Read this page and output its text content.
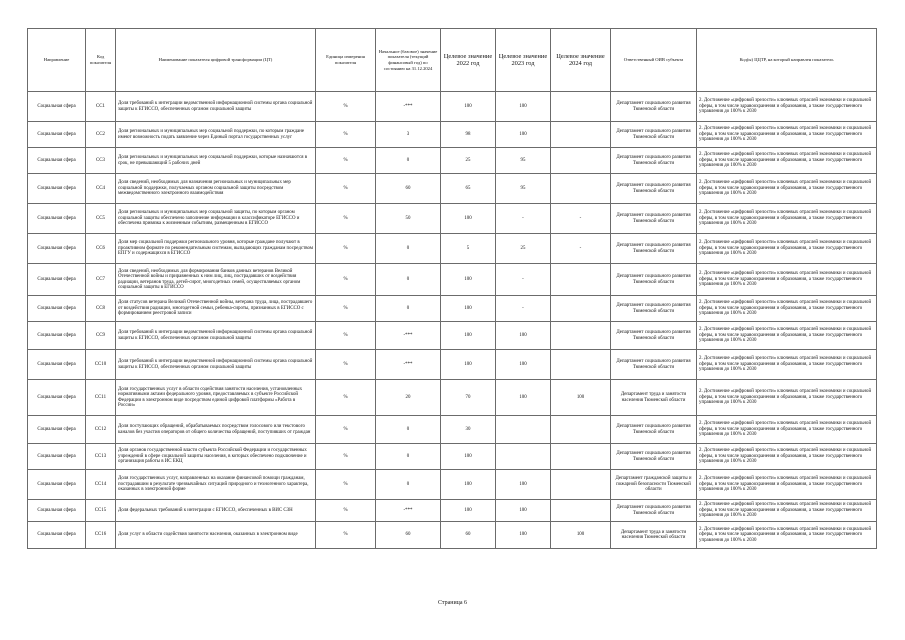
Направление	Код показателя	Наименование показателя цифровой трансформации (ЦТ)	Единица измерения показателя	Начальное (базовое) значение показателя (текущий финансовый год) по состоянию на 31.12.2024	Целевое значение 2022 год	Целевое значение 2023 год	Целевое значение 2024 год	Ответственный ОИВ субъекта	Код(ы) ЦЦТР, на который направлен показатель
Социальная сфера	СС1	Доля требований к интеграции ведомственной информационной системы органа социальной защиты к ЕГИССО, обеспеченных органом социальной защиты	%	-***	100	100		Департамент социального развития Тюменской области	2. Достижение «цифровой зрелости» ключевых отраслей экономики и социальной сферы, в том числе здравоохранения и образования, а также государственного управления до 100% к 2030
Социальная сфера	СС2	Доля региональных и муниципальных мер социальной поддержки, по которым граждане имеют возможность подать заявление через Единый портал государственных услуг	%	3	98	100		Департамент социального развития Тюменской области	2. Достижение «цифровой зрелости» ключевых отраслей экономики и социальной сферы, в том числе здравоохранения и образования, а также государственного управления до 100% к 2030
Социальная сфера	СС3	Доля региональных и муниципальных мер социальной поддержки, которые назначаются в срок, не превышающий 5 рабочих дней	%	0	25	95		Департамент социального развития Тюменской области	2. Достижение «цифровой зрелости» ключевых отраслей экономики и социальной сферы, в том числе здравоохранения и образования, а также государственного управления до 100% к 2030
Социальная сфера	СС4	Доля сведений, необходимых для назначения региональных и муниципальных мер социальной поддержки, получаемых органом социальной защиты посредством межведомственного электронного взаимодействия	%	60	65	95		Департамент социального развития Тюменской области	2. Достижение «цифровой зрелости» ключевых отраслей экономики и социальной сферы, в том числе здравоохранения и образования, а также государственного управления до 100% к 2030
Социальная сфера	СС5	Доля региональных и муниципальных мер социальной защиты, по которым органом социальной защиты обеспечено заполнение информации в классификаторе ЕГИССО и обеспечена привязка к жизненным событиям, размещенным в ЕГИССО	%	50	100	-	-	Департамент социального развития Тюменской области	2. Достижение «цифровой зрелости» ключевых отраслей экономики и социальной сферы, в том числе здравоохранения и образования, а также государственного управления до 100% к 2030
Социальная сфера	СС6	Доля мер социальной поддержки регионального уровня, которые граждане получают в проактивном формате по рекомендательным системам, выпадающих гражданам посредством ЕПГУ и содержащихся в ЕГИССО	%	0	5	25	-	Департамент социального развития Тюменской области	2. Достижение «цифровой зрелости» ключевых отраслей экономики и социальной сферы, в том числе здравоохранения и образования, а также государственного управления до 100% к 2030
Социальная сфера	СС7	Доля сведений, необходимых для формирования банков данных ветеранов Великой Отечественной войны и приравненных к ним лиц, лиц, пострадавших от воздействия радиации, ветеранов труда, детей-сирот, многодетных семей, осуществляемых органом социальной защиты в ЕГИССО	%	0	100	-		Департамент социального развития Тюменской области	2. Достижение «цифровой зрелости» ключевых отраслей экономики и социальной сферы, в том числе здравоохранения и образования, а также государственного управления до 100% к 2030
Социальная сфера	СС8	Доля статусов ветерана Великой Отечественной войны, ветерана труда, лица, пострадавшего от воздействия радиации, многодетной семьи, ребенка-сироты, признанных в ЕГИССО с формированием реестровой записи	%	0	100	-		Департамент социального развития Тюменской области	2. Достижение «цифровой зрелости» ключевых отраслей экономики и социальной сферы, в том числе здравоохранения и образования, а также государственного управления до 100% к 2030
Социальная сфера	СС9	Доля требований к интеграции ведомственной информационной системы органа социальной защиты к ЕГИССО, обеспеченных органом социальной защиты	%	-***	100	100		Департамент социального развития Тюменской области	2. Достижение «цифровой зрелости» ключевых отраслей экономики и социальной сферы, в том числе здравоохранения и образования, а также государственного управления до 100% к 2030
Социальная сфера	СС10	Доля требований к интеграции ведомственной информационной системы органа социальной защиты к ЕГИССО, обеспеченных органом социальной защиты	%	-***	100	100		Департамент социального развития Тюменской области	2. Достижение «цифровой зрелости» ключевых отраслей экономики и социальной сферы, в том числе здравоохранения и образования, а также государственного управления до 100% к 2030
Социальная сфера	СС11	Доля государственных услуг в области содействия занятости населения, установленных нормативными актами федерального уровня, предоставляемых в субъекте Российской Федерации в электронном виде посредством единой цифровой платформы «Работа в России»	%	20	70	100	100	Департамент труда и занятости населения Тюменской области	2. Достижение «цифровой зрелости» ключевых отраслей экономики и социальной сферы, в том числе здравоохранения и образования, а также государственного управления до 100% к 2030
Социальная сфера	СС12	Доля поступающих обращений, обрабатываемых посредством голосового или текстового каналов без участия операторов от общего количества обращений, поступивших от граждан	%	0	30			Департамент социального развития Тюменской области	2. Достижение «цифровой зрелости» ключевых отраслей экономики и социальной сферы, в том числе здравоохранения и образования, а также государственного управления до 100% к 2030
Социальная сфера	СС13	Доля органов государственной власти субъекта Российской Федерации и государственных учреждений в сфере социальной защиты населения, в которых обеспечено подключение и организация работы в ИС ЕКЦ	%	0	100			Департамент социального развития Тюменской области	2. Достижение «цифровой зрелости» ключевых отраслей экономики и социальной сферы, в том числе здравоохранения и образования, а также государственного управления до 100% к 2030
Социальная сфера	СС14	Доля государственных услуг, направленных на оказание финансовой помощи гражданам, пострадавшим в результате чрезвычайных ситуаций природного и техногенного характера, оказанных в электронной форме	%	0	100	100		Департамент гражданской защиты и пожарной безопасности Тюменской области	2. Достижение «цифровой зрелости» ключевых отраслей экономики и социальной сферы, в том числе здравоохранения и образования, а также государственного управления до 100% к 2030
Социальная сфера	СС15	Доля федеральных требований к интеграции с ЕГИССО, обеспеченных в ВИС СЗН	%	-***	100	100		Департамент социального развития Тюменской области	2. Достижение «цифровой зрелости» ключевых отраслей экономики и социальной сферы, в том числе здравоохранения и образования, а также государственного управления до 100% к 2030
Социальная сфера	СС16	Доля услуг в области содействия занятости населения, оказанных в электронном виде	%	60	60	100	100	Департамент труда и занятости населения Тюменской области	2. Достижение «цифровой зрелости» ключевых отраслей экономики и социальной сферы, в том числе здравоохранения и образования, а также государственного управления до 100% к 2030
Страница 6
